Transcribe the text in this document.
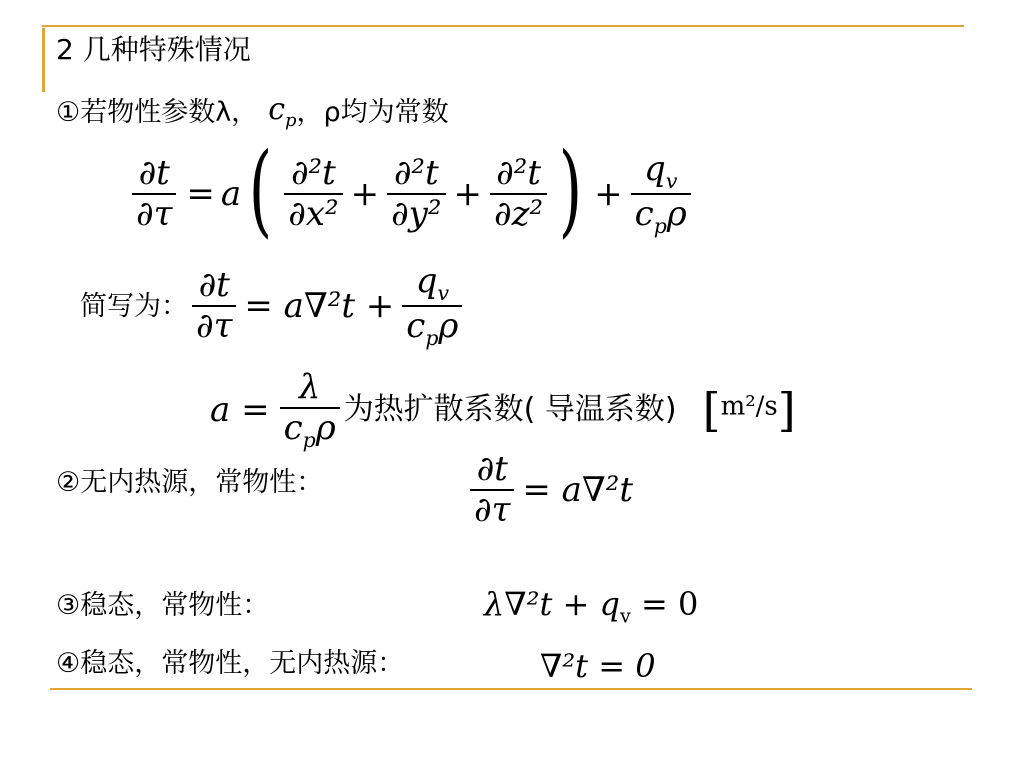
2 几种特殊情况
①若物性参数λ， $c_p$ ，ρ均为常数
$\frac{\partial t}{\partial\tau} = a$ ( $\frac{\text{∂²t}}{\text{∂x²}} + \frac{\text{∂²t}}{\text{∂y²}} + \frac{\text{∂²t}}{\text{∂z²}}$ ) + $\frac{q_v}{c_p\rho}$
简写为： $\frac{\partial t}{\partial\tau} = a\nabla^2t + \frac{q_v}{c_p\rho}$
$a = \frac{\lambda}{c_p\rho}$ 为热扩散系数( 导温系数) [m²/s]
②无内热源，常物性：	$\frac{\partial t}{\partial\tau} = a\nabla^2t$
③稳态，常物性：	$\lambda\nabla^2t + q_v = 0$
④稳态，常物性，无内热源：	∇²t = 0
